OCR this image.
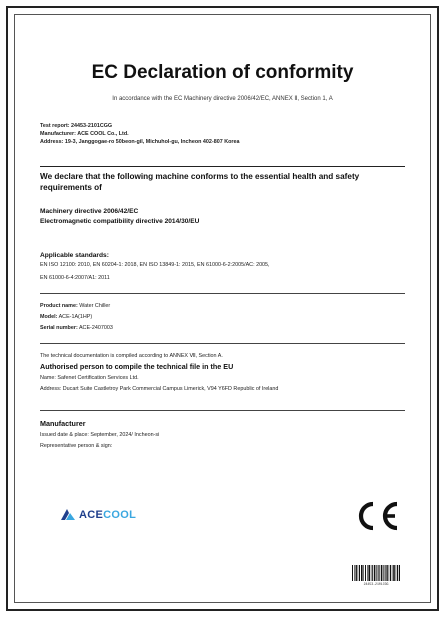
EC Declaration of conformity
In accordance with the EC Machinery directive 2006/42/EC, ANNEX Ⅱ, Section 1, A
Test report: 24453-2101CGG
Manufacturer: ACE COOL Co., Ltd.
Address: 19-3, Janggogae-ro 50beon-gil, Michuhol-gu, Incheon 402-807 Korea
We declare that the following machine conforms to the essential health and safety
requirements of
Machinery directive 2006/42/EC
Electromagnetic compatibility directive 2014/30/EU
Applicable standards:
EN ISO 12100: 2010, EN 60204-1: 2018, EN ISO 13849-1: 2015, EN 61000-6-2:2005/AC: 2005,
EN 61000-6-4:2007/A1: 2011
Product name: Water Chiller
Model: ACE-1A(1HP)
Serial number: ACE-2407003
The technical documentation is compiled according to ANNEX Ⅶ, Section A.
Authorised person to compile the technical file in the EU
Name: Safenet Certification Services Ltd.
Address: Ducart Suite Castletroy Park Commercial Campus Limerick, V94 Y6FD Republic of Ireland
Manufacturer
Issued date & place: September, 2024/ Incheon-si
Representative person & sign:
ACECOOL
24453-2101CGG
